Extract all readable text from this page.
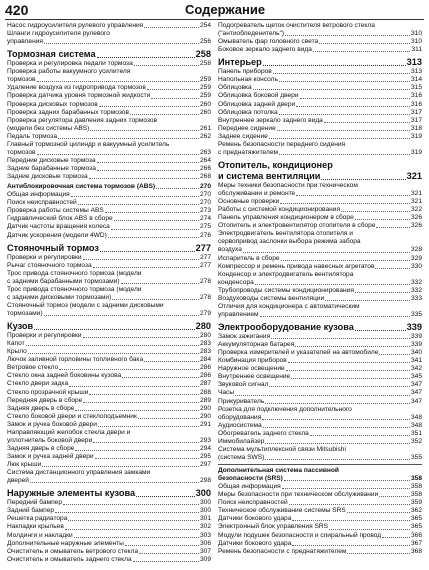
420	Содержание
Насос гидроусилителя рулевого управления	254
Шланги гидроусилителя рулевого
управления	256
Тормозная система	258
Проверка и регулировка педали тормоза	258
Проверка работы вакуумного усилителя
тормозов	259
Удаление воздуха из гидропривода тормозов	259
Проверка датчика уровня тормозной жидкости	259
Проверка дисковых тормозов	260
Проверка задних барабанных тормозов	260
Проверка регулятора давления задних тормозов
(модели без системы ABS)	261
Педаль тормоза	262
Главный тормозной цилиндр и вакуумный усилитель
тормозов	263
Передние дисковые тормоза	264
Задние барабанные тормоза	266
Задние дисковые тормоза	268
Антиблокировочная система тормозов (ABS)	270
Общая информация	270
Поиск неисправностей	270
Проверка работы системы ABS	273
Гидравлический блок ABS в сборе	274
Датчик частоты вращения колеса	275
Датчик ускорения (модели 4WD)	276
Стояночный тормоз	277
Проверки и регулировки	277
Рычаг стояночного тормоза	277
Трос привода стояночного тормоза (модели
с задними барабанными тормозами)	278
Трос привода стояночного тормоза (модели
с задними дисковыми тормозами)	278
Стояночный тормоз (модели с задними дисковыми
тормозами)	279
Кузов	280
Проверки и регулировки	280
Капот	283
Крыло	283
Лючок заливной горловины топливного бака	284
Ветровое стекло	286
Стекло окна задней боковины кузова	286
Стекло двери задка	287
Стекло прозрачной крыши	288
Передняя дверь в сборе	289
Задняя дверь в сборе	290
Стекло боковой двери и стеклоподъемник	290
Замок и ручка боковой двери	291
Направляющий желобок стекла двери и
уплотнитель боковой двери	293
Задняя дверь в сборе	294
Замок и ручка задней двери	295
Люк крыши	297
Система дистанционного управления замками
дверей	298
Наружные элементы кузова	300
Передний бампер	300
Задний бампер	300
Решетка радиатора	301
Накладки крыльев	302
Молдинги и накладки	303
Дополнительные наружные элементы	306
Очиститель и омыватель ветрового стекла	307
Очиститель и омыватель заднего стекла	309
Подогреватель щеток очистителя ветрового стекла
("антиобледенитель")	310
Омыватель фар головного света	310
Боковое зеркало заднего вида	311
Интерьер	313
Панель приборов	313
Напольная консоль	314
Облицовка	315
Облицовка боковой двери	316
Облицовка задней двери	316
Облицовка потолка	317
Внутреннее зеркало заднего вида	317
Переднее сидение	318
Заднее сидение	319
Ремень безопасности переднего сидения
с преднатяжителем	319
Отопитель, кондиционер
и система вентиляции	321
Меры техники безопасности при техническом
обслуживании и ремонте	321
Основные проверки	321
Работы с системой кондиционирования	322
Панель управления кондиционером в сборе	326
Отопитель и электровентилятор отопителя в сборе	326
Электродвигатель вентилятора отопителя и
сервопривод заслонки выбора режима забора
воздуха	328
Испаритель в сборе	329
Компрессор и ремень привода навесных агрегатов	330
Конденсор и электродвигатель вентилятора
конденсора	332
Трубопроводы системы кондиционирования	332
Воздуховоды системы вентиляции	333
Отличия для кондиционера с автоматическим
управлением	335
Электрооборудование кузова	339
Замок зажигания	339
Аккумуляторная батарея	339
Проверка измерителей и указателей на автомобиле	340
Комбинация приборов	341
Наружное освещение	342
Внутреннее освещение	345
Звуковой сигнал	347
Часы	347
Прикуриватель	347
Розетка для подключения дополнительного
оборудования	348
Аудиосистема	348
Обогреватель заднего стекла	351
Иммобилайзер	352
Система мультиплексной связи Mitsubishi
(система SWS)	355
Дополнительная система пассивной
безопасности (SRS)	358
Общая информация	358
Меры безопасности при техническом обслуживании	358
Поиск неисправностей	359
Техническое обслуживание системы SRS	362
Датчики бокового удара	365
Электронный блок управления SRS	365
Модули подушек безопасности и спиральный провод	366
Датчики бокового удара	367
Ремень безопасности с преднатяжителем	368
